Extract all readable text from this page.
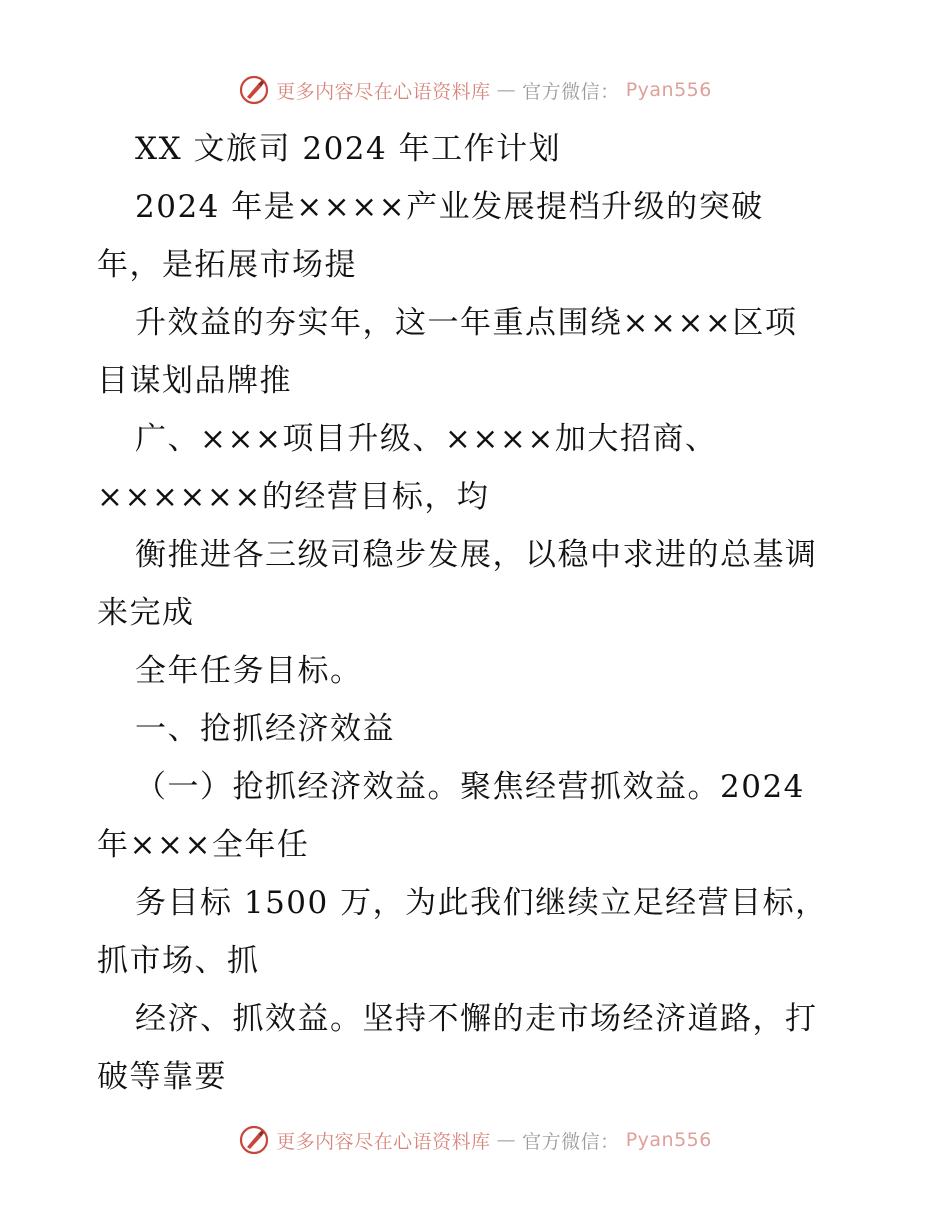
更多内容尽在心语资料库 — 官方微信： Pyan556
XX 文旅司 2024 年工作计划
2024 年是××××产业发展提档升级的突破
年，是拓展市场提
升效益的夯实年，这一年重点围绕××××区项
目谋划品牌推
广、×××项目升级、××××加大招商、
××××××的经营目标，均
衡推进各三级司稳步发展，以稳中求进的总基调
来完成
全年任务目标。
一、抢抓经济效益
（一）抢抓经济效益。聚焦经营抓效益。2024
年×××全年任
务目标 1500 万，为此我们继续立足经营目标，
抓市场、抓
经济、抓效益。坚持不懈的走市场经济道路，打
破等靠要
更多内容尽在心语资料库 — 官方微信： Pyan556
